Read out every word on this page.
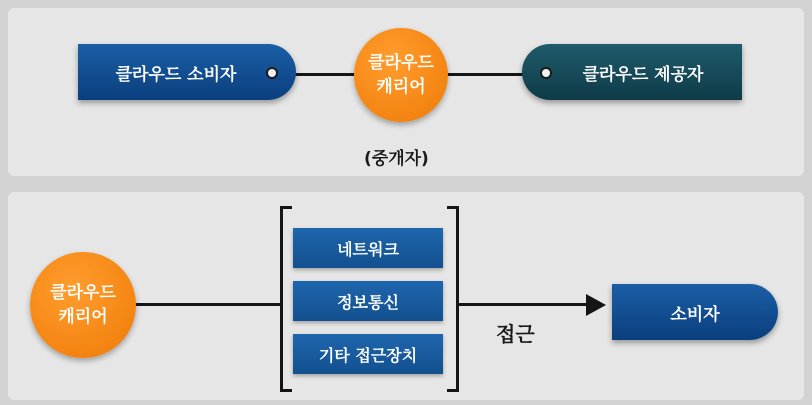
클라우드 소비자	클라우드 제공자
클라우드
캐리어
(중개자)
클라우드
캐리어
네트워크
정보통신
기타 접근장치
접근
소비자
